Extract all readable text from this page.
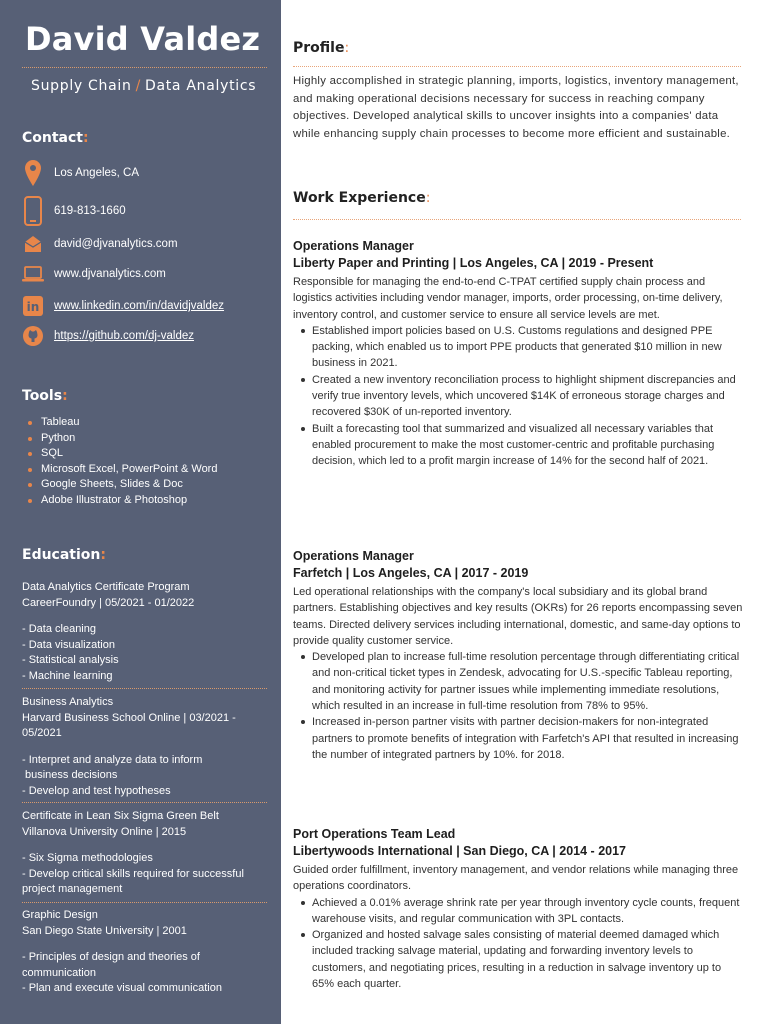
David Valdez
Supply Chain / Data Analytics
Contact:
Los Angeles, CA
619-813-1660
david@djvanalytics.com
www.djvanalytics.com
in www.linkedin.com/in/davidjvaldez
https://github.com/dj-valdez
Tools:
Tableau
Python
SQL
Microsoft Excel, PowerPoint & Word
Google Sheets, Slides & Doc
Adobe Illustrator & Photoshop
Education:
Data Analytics Certificate Program
CareerFoundry | 05/2021 - 01/2022
- Data cleaning
- Data visualization
- Statistical analysis
- Machine learning
Business Analytics
Harvard Business School Online | 03/2021 -
05/2021
- Interpret and analyze data to inform
business decisions
- Develop and test hypotheses
Certificate in Lean Six Sigma Green Belt
Villanova University Online | 2015
- Six Sigma methodologies
- Develop critical skills required for successful
project management
Graphic Design
San Diego State University | 2001
- Principles of design and theories of
communication
- Plan and execute visual communication
Profile:
Highly accomplished in strategic planning, imports, logistics, inventory management, and making operational decisions necessary for success in reaching company objectives. Developed analytical skills to uncover insights into a companies' data while enhancing supply chain processes to become more efficient and sustainable.
Work Experience:
Operations Manager
Liberty Paper and Printing | Los Angeles, CA | 2019 - Present
Responsible for managing the end-to-end C-TPAT certified supply chain process and logistics activities including vendor manager, imports, order processing, on-time delivery, inventory control, and customer service to ensure all service levels are met.
Established import policies based on U.S. Customs regulations and designed PPE packing, which enabled us to import PPE products that generated $10 million in new business in 2021.
Created a new inventory reconciliation process to highlight shipment discrepancies and verify true inventory levels, which uncovered $14K of erroneous storage charges and recovered $30K of un-reported inventory.
Built a forecasting tool that summarized and visualized all necessary variables that enabled procurement to make the most customer-centric and profitable purchasing decision, which led to a profit margin increase of 14% for the second half of 2021.
Operations Manager
Farfetch | Los Angeles, CA | 2017 - 2019
Led operational relationships with the company's local subsidiary and its global brand partners. Establishing objectives and key results (OKRs) for 26 reports encompassing seven teams. Directed delivery services including international, domestic, and same-day options to provide quality customer service.
Developed plan to increase full-time resolution percentage through differentiating critical and non-critical ticket types in Zendesk, advocating for U.S.-specific Tableau reporting, and monitoring activity for partner issues while implementing immediate resolutions, which resulted in an increase in full-time resolution from 78% to 95%.
Increased in-person partner visits with partner decision-makers for non-integrated partners to promote benefits of integration with Farfetch's API that resulted in increasing the number of integrated partners by 10%. for 2018.
Port Operations Team Lead
Libertywoods International | San Diego, CA | 2014 - 2017
Guided order fulfillment, inventory management, and vendor relations while managing three operations coordinators.
Achieved a 0.01% average shrink rate per year through inventory cycle counts, frequent warehouse visits, and regular communication with 3PL contacts.
Organized and hosted salvage sales consisting of material deemed damaged which included tracking salvage material, updating and forwarding inventory levels to customers, and negotiating prices, resulting in a reduction in salvage inventory up to 65% each quarter.
